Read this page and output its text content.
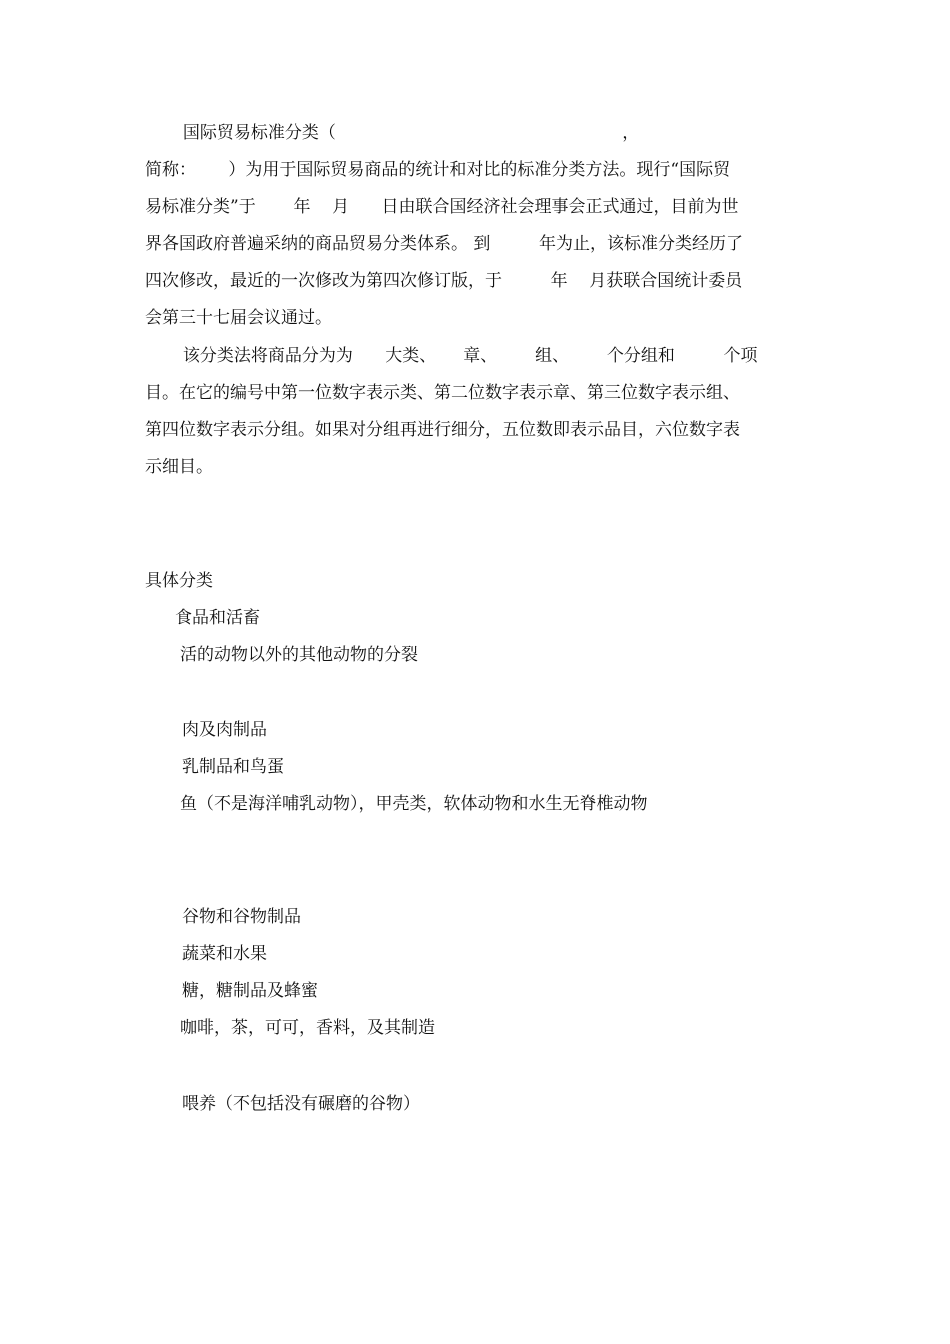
国际贸易标准分类（                                                     ，
简称：      ）为用于国际贸易商品的统计和对比的标准分类方法。现行“国际贸
易标准分类”于       年    月      日由联合国经济社会理事会正式通过，目前为世
界各国政府普遍采纳的商品贸易分类体系。 到         年为止，该标准分类经历了
四次修改，最近的一次修改为第四次修订版，于         年    月获联合国统计委员
会第三十七届会议通过。
该分类法将商品分为为      大类、     章、       组、       个分组和         个项
目。在它的编号中第一位数字表示类、第二位数字表示章、第三位数字表示组、
第四位数字表示分组。如果对分组再进行细分，五位数即表示品目，六位数字表
示细目。
具体分类
食品和活畜
活的动物以外的其他动物的分裂
肉及肉制品
乳制品和鸟蛋
鱼（不是海洋哺乳动物），甲壳类，软体动物和水生无脊椎动物
谷物和谷物制品
蔬菜和水果
糖，糖制品及蜂蜜
咖啡，茶，可可，香料，及其制造
喂养（不包括没有碾磨的谷物）
